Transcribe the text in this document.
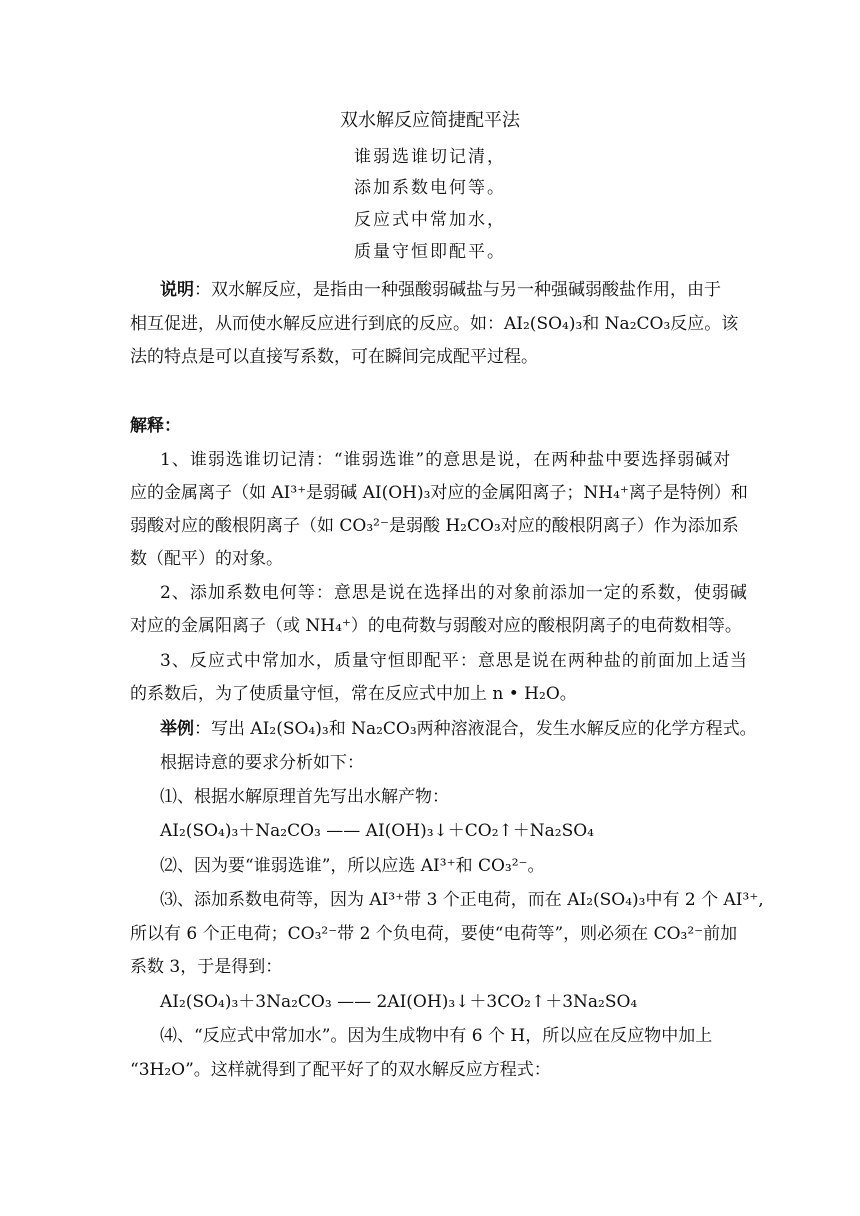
双水解反应简捷配平法
谁弱选谁切记清，
添加系数电何等。
反应式中常加水，
质量守恒即配平。
说明：双水解反应，是指由一种强酸弱碱盐与另一种强碱弱酸盐作用，由于
相互促进，从而使水解反应进行到底的反应。如：AI₂(SO₄)₃和 Na₂CO₃反应。该
法的特点是可以直接写系数，可在瞬间完成配平过程。
解释：
1、谁弱选谁切记清：“谁弱选谁”的意思是说，在两种盐中要选择弱碱对
应的金属离子（如 AI³⁺是弱碱 AI(OH)₃对应的金属阳离子；NH₄⁺离子是特例）和
弱酸对应的酸根阴离子（如 CO₃²⁻是弱酸 H₂CO₃对应的酸根阴离子）作为添加系
数（配平）的对象。
2、添加系数电何等：意思是说在选择出的对象前添加一定的系数，使弱碱
对应的金属阳离子（或 NH₄⁺）的电荷数与弱酸对应的酸根阴离子的电荷数相等。
3、反应式中常加水，质量守恒即配平：意思是说在两种盐的前面加上适当
的系数后，为了使质量守恒，常在反应式中加上 n • H₂O。
举例：写出 AI₂(SO₄)₃和 Na₂CO₃两种溶液混合，发生水解反应的化学方程式。
根据诗意的要求分析如下：
⑴、根据水解原理首先写出水解产物：
AI₂(SO₄)₃＋Na₂CO₃ —— AI(OH)₃↓＋CO₂↑＋Na₂SO₄
⑵、因为要“谁弱选谁”，所以应选 AI³⁺和 CO₃²⁻。
⑶、添加系数电荷等，因为 AI³⁺带 3 个正电荷，而在 AI₂(SO₄)₃中有 2 个 AI³⁺,
所以有 6 个正电荷；CO₃²⁻带 2 个负电荷，要使“电荷等”，则必须在 CO₃²⁻前加
系数 3，于是得到：
AI₂(SO₄)₃＋3Na₂CO₃ —— 2AI(OH)₃↓＋3CO₂↑＋3Na₂SO₄
⑷、“反应式中常加水”。因为生成物中有 6 个 H，所以应在反应物中加上
“3H₂O”。这样就得到了配平好了的双水解反应方程式：
